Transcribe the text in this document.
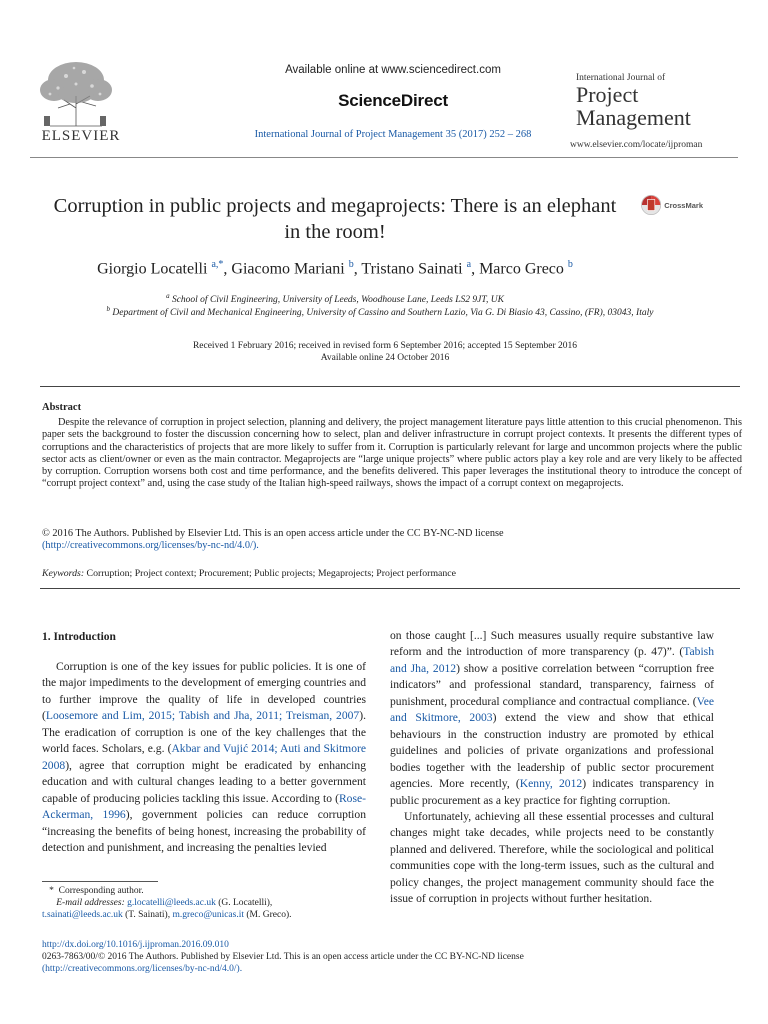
ELSEVIER
Available online at www.sciencedirect.com
ScienceDirect
International Journal of Project Management 35 (2017) 252 – 268
International Journal of
Project
Management
www.elsevier.com/locate/ijproman
Corruption in public projects and megaprojects: There is an elephant in the room!
CrossMark
Giorgio Locatelli $^{a,*}$, Giacomo Mariani $^b$, Tristano Sainati $^a$, Marco Greco $^b$
$^a$ School of Civil Engineering, University of Leeds, Woodhouse Lane, Leeds LS2 9JT, UK
$^b$ Department of Civil and Mechanical Engineering, University of Cassino and Southern Lazio, Via G. Di Biasio 43, Cassino, (FR), 03043, Italy
Received 1 February 2016; received in revised form 6 September 2016; accepted 15 September 2016
Available online 24 October 2016
Abstract

Despite the relevance of corruption in project selection, planning and delivery, the project management literature pays little attention to this crucial phenomenon. This paper sets the background to foster the discussion concerning how to select, plan and deliver infrastructure in corrupt project contexts. It presents the different types of corruptions and the characteristics of projects that are more likely to suffer from it. Corruption is particularly relevant for large and uncommon projects where the public sector acts as client/owner or even as the main contractor. Megaprojects are “large unique projects” where public actors play a key role and are very likely to be affected by corruption. Corruption worsens both cost and time performance, and the benefits delivered. This paper leverages the institutional theory to introduce the concept of “corrupt project context” and, using the case study of the Italian high-speed railways, shows the impact of a corrupt context on megaprojects.

© 2016 The Authors. Published by Elsevier Ltd. This is an open access article under the CC BY-NC-ND license
(http://creativecommons.org/licenses/by-nc-nd/4.0/).
Keywords: Corruption; Project context; Procurement; Public projects; Megaprojects; Project performance
1. Introduction

Corruption is one of the key issues for public policies. It is one of the major impediments to the development of emerging countries and to further improve the quality of life in developed countries (Loosemore and Lim, 2015; Tabish and Jha, 2011; Treisman, 2007). The eradication of corruption is one of the key challenges that the world faces. Scholars, e.g. (Akbar and Vujić 2014; Auti and Skitmore 2008), agree that corruption might be eradicated by enhancing education and with cultural changes leading to a better government capable of producing policies tackling this issue. According to (Rose-Ackerman, 1996), government policies can reduce corruption “increasing the benefits of being honest, increasing the probability of detection and punishment, and increasing the penalties levied

on those caught [...] Such measures usually require substantive law reform and the introduction of more transparency (p. 47)”. (Tabish and Jha, 2012) show a positive correlation between “corruption free indicators” and professional standard, transparency, fairness of punishment, procedural compliance and contractual compliance. (Vee and Skitmore, 2003) extend the view and show that ethical behaviours in the construction industry are promoted by ethical guidelines and policies of private organizations and professional bodies together with the leadership of public sector procurement agencies. More recently, (Kenny, 2012) indicates transparency in public procurement as a key practice for fighting corruption.

Unfortunately, achieving all these essential processes and cultural changes might take decades, while projects need to be constantly planned and delivered. Therefore, while the sociological and political communities cope with the long-term issues, such as the cultural and policy changes, the project management community should face the issue of corruption in projects without further hesitation.

*  Corresponding author.
E-mail addresses: g.locatelli@leeds.ac.uk (G. Locatelli),
t.sainati@leeds.ac.uk (T. Sainati), m.greco@unicas.it (M. Greco).
http://dx.doi.org/10.1016/j.ijproman.2016.09.010
0263-7863/00/© 2016 The Authors. Published by Elsevier Ltd. This is an open access article under the CC BY-NC-ND license
(http://creativecommons.org/licenses/by-nc-nd/4.0/).
